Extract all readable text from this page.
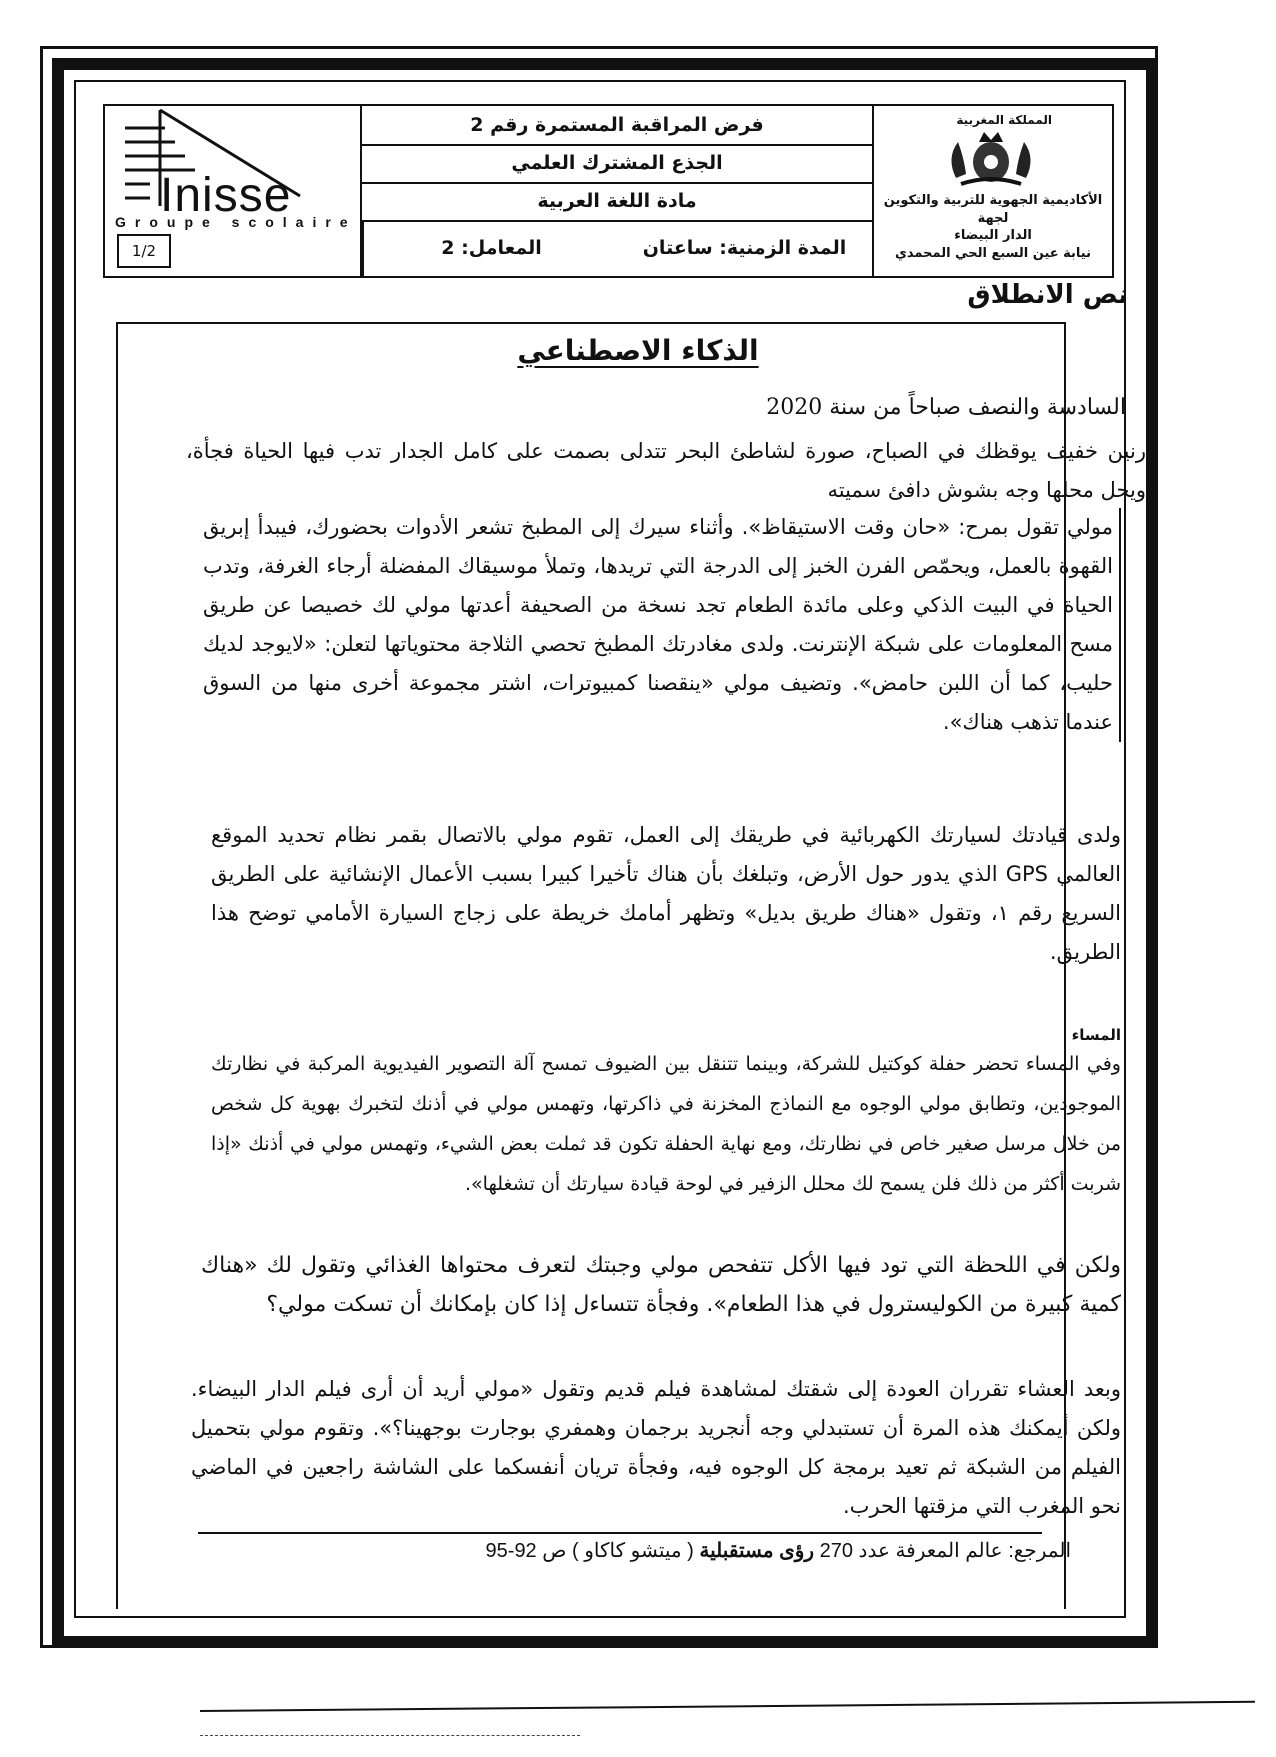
Inisse
Groupe scolaire
1/2
فرض المراقبة المستمرة رقم 2
الجذع المشترك العلمي
مادة اللغة العربية
المدة الزمنية: ساعتان
المعامل: 2
المملكة المغربية
الأكاديمية الجهوية للتربية والتكوين لجهة
الدار البيضاء
نيابة عين السبع الحي المحمدي
نص الانطلاق
الذكاء الاصطناعي
السادسة والنصف صباحاً من سنة 2020
رنين خفيف يوقظك في الصباح، صورة لشاطئ البحر تتدلى بصمت على كامل الجدار تدب فيها الحياة فجأة، ويحل محلها وجه بشوش دافئ سميته
مولي تقول بمرح: «حان وقت الاستيقاظ». وأثناء سيرك إلى المطبخ تشعر الأدوات بحضورك، فيبدأ إبريق القهوة بالعمل، ويحمّص الفرن الخبز إلى الدرجة التي تريدها، وتملأ موسيقاك المفضلة أرجاء الغرفة، وتدب الحياة في البيت الذكي وعلى مائدة الطعام تجد نسخة من الصحيفة أعدتها مولي لك خصيصا عن طريق مسح المعلومات على شبكة الإنترنت. ولدى مغادرتك المطبخ تحصي الثلاجة محتوياتها لتعلن: «لايوجد لديك حليب، كما أن اللبن حامض». وتضيف مولي «ينقصنا كمبيوترات، اشتر مجموعة أخرى منها من السوق عندما تذهب هناك».
ولدى قيادتك لسيارتك الكهربائية في طريقك إلى العمل، تقوم مولي بالاتصال بقمر نظام تحديد الموقع العالمي GPS الذي يدور حول الأرض، وتبلغك بأن هناك تأخيرا كبيرا بسبب الأعمال الإنشائية على الطريق السريع رقم ١، وتقول «هناك طريق بديل» وتظهر أمامك خريطة على زجاج السيارة الأمامي توضح هذا الطريق.
المساء
وفي المساء تحضر حفلة كوكتيل للشركة، وبينما تتنقل بين الضيوف تمسح آلة التصوير الفيديوية المركبة في نظارتك الموجودين، وتطابق مولي الوجوه مع النماذج المخزنة في ذاكرتها، وتهمس مولي في أذنك لتخبرك بهوية كل شخص من خلال مرسل صغير خاص في نظارتك، ومع نهاية الحفلة تكون قد ثملت بعض الشيء، وتهمس مولي في أذنك «إذا شربت أكثر من ذلك فلن يسمح لك محلل الزفير في لوحة قيادة سيارتك أن تشغلها».
ولكن في اللحظة التي تود فيها الأكل تتفحص مولي وجبتك لتعرف محتواها الغذائي وتقول لك «هناك كمية كبيرة من الكوليسترول في هذا الطعام». وفجأة تتساءل إذا كان بإمكانك أن تسكت مولي؟
وبعد العشاء تقرران العودة إلى شقتك لمشاهدة فيلم قديم وتقول «مولي أريد أن أرى فيلم الدار البيضاء. ولكن أيمكنك هذه المرة أن تستبدلي وجه أنجريد برجمان وهمفري بوجارت بوجهينا؟». وتقوم مولي بتحميل الفيلم من الشبكة ثم تعيد برمجة كل الوجوه فيه، وفجأة تريان أنفسكما على الشاشة راجعين في الماضي نحو المغرب التي مزقتها الحرب.
المرجع: عالم المعرفة عدد 270 رؤى مستقبلية ( ميتشو كاكاو ) ص 92-95
